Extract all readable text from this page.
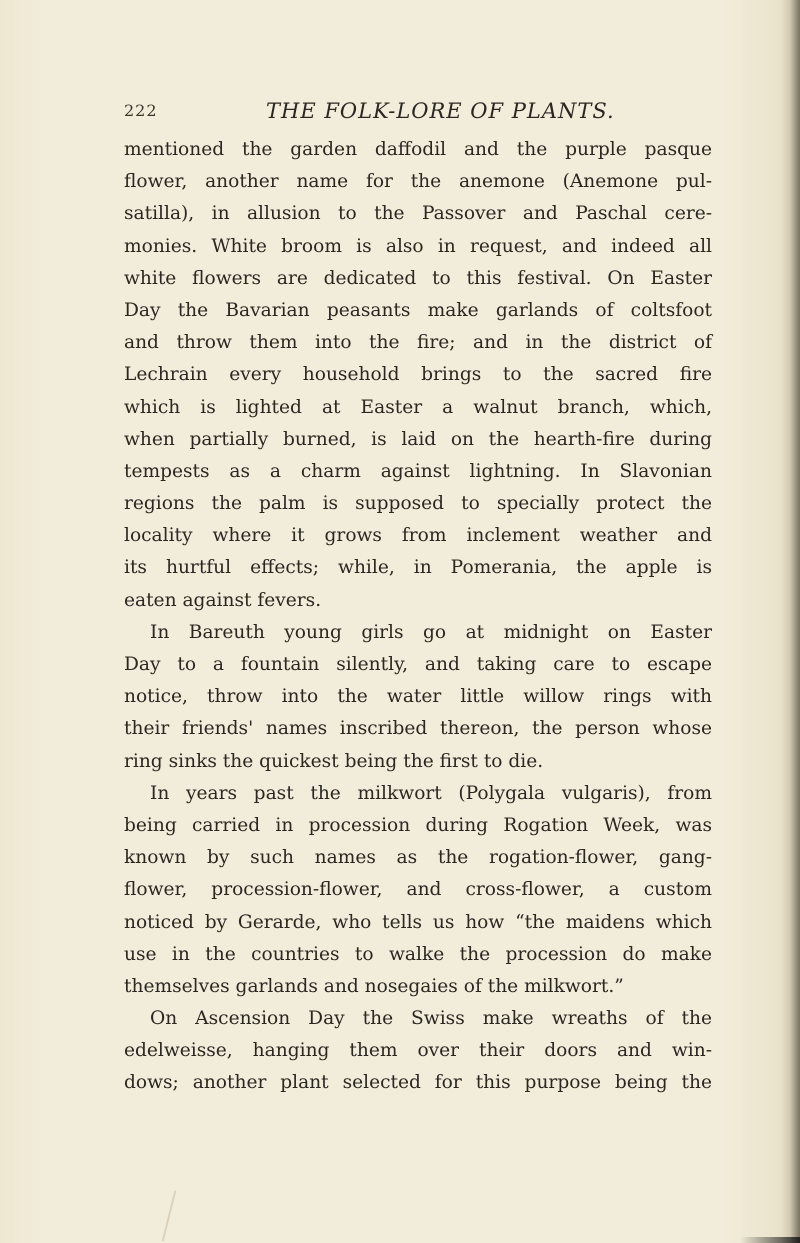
222	THE FOLK-LORE OF PLANTS.
mentioned the garden daffodil and the purple pasque
flower, another name for the anemone (Anemone pul-
satilla), in allusion to the Passover and Paschal cere-
monies. White broom is also in request, and indeed all
white flowers are dedicated to this festival. On Easter
Day the Bavarian peasants make garlands of coltsfoot
and throw them into the fire; and in the district of
Lechrain every household brings to the sacred fire
which is lighted at Easter a walnut branch, which,
when partially burned, is laid on the hearth-fire during
tempests as a charm against lightning. In Slavonian
regions the palm is supposed to specially protect the
locality where it grows from inclement weather and
its hurtful effects; while, in Pomerania, the apple is
eaten against fevers.
In Bareuth young girls go at midnight on Easter
Day to a fountain silently, and taking care to escape
notice, throw into the water little willow rings with
their friends' names inscribed thereon, the person whose
ring sinks the quickest being the first to die.
In years past the milkwort (Polygala vulgaris), from
being carried in procession during Rogation Week, was
known by such names as the rogation-flower, gang-
flower, procession-flower, and cross-flower, a custom
noticed by Gerarde, who tells us how “the maidens which
use in the countries to walke the procession do make
themselves garlands and nosegaies of the milkwort.”
On Ascension Day the Swiss make wreaths of the
edelweisse, hanging them over their doors and win-
dows; another plant selected for this purpose being the
